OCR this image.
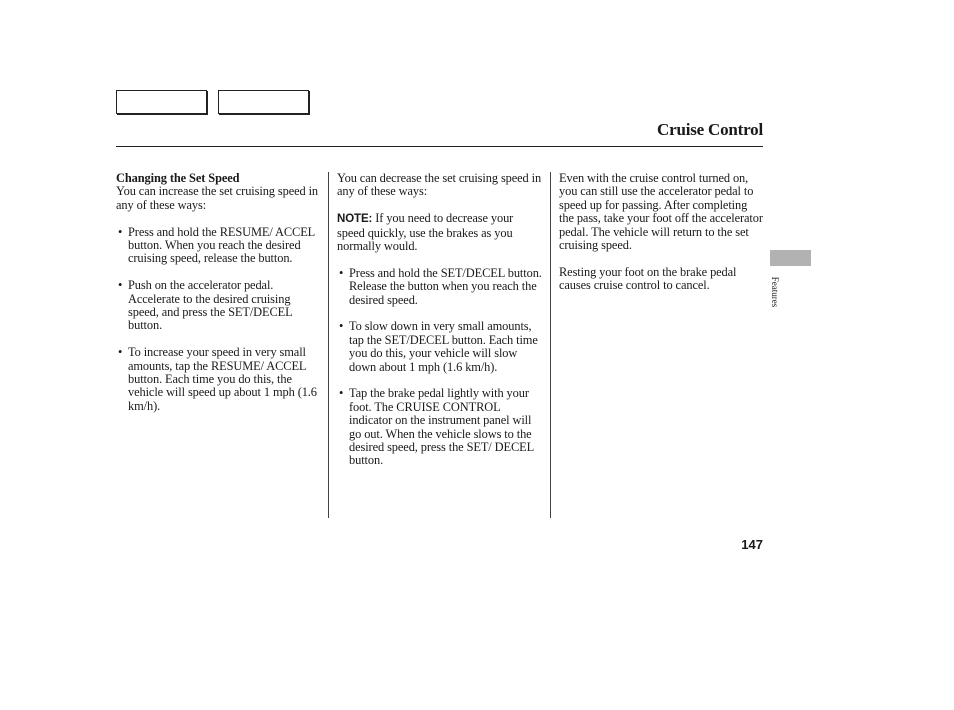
Cruise Control

Changing the Set Speed

You can increase the set cruising speed in any of these ways:

• Press and hold the RESUME/ ACCEL button. When you reach the desired cruising speed, release the button.

• Push on the accelerator pedal. Accelerate to the desired cruising speed, and press the SET/DECEL button.

• To increase your speed in very small amounts, tap the RESUME/ ACCEL button. Each time you do this, the vehicle will speed up about 1 mph (1.6 km/h).

You can decrease the set cruising speed in any of these ways:

NOTE: If you need to decrease your speed quickly, use the brakes as you normally would.

• Press and hold the SET/DECEL button. Release the button when you reach the desired speed.

• To slow down in very small amounts, tap the SET/DECEL button. Each time you do this, your vehicle will slow down about 1 mph (1.6 km/h).

• Tap the brake pedal lightly with your foot. The CRUISE CONTROL indicator on the instrument panel will go out. When the vehicle slows to the desired speed, press the SET/ DECEL button.

Even with the cruise control turned on, you can still use the accelerator pedal to speed up for passing. After completing the pass, take your foot off the accelerator pedal. The vehicle will return to the set cruising speed.

Resting your foot on the brake pedal causes cruise control to cancel.	Features
147
